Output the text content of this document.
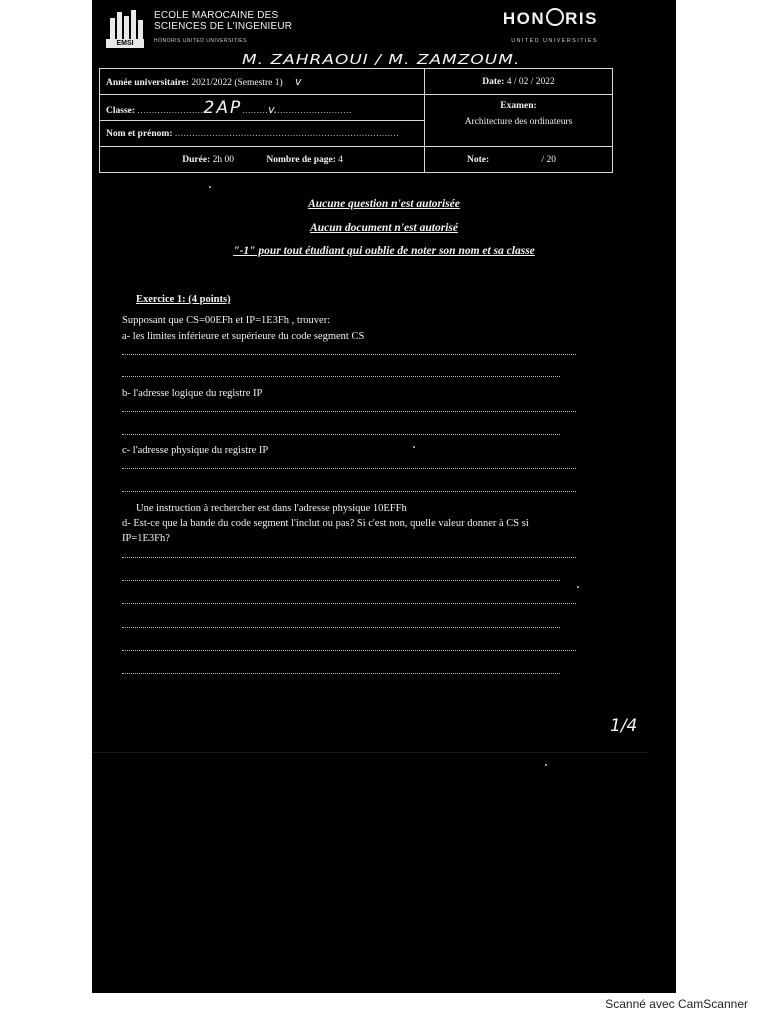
EMSI
ECOLE MAROCAINE DES
SCIENCES DE L'INGENIEUR
HONORIS UNITED UNIVERSITIES
HON RIS
UNITED UNIVERSITIES
M. ZAHRAOUI / M. ZAMZOUM.
Année universitaire: 2021/2022 (Semestre 1) v	Date: 4 / 02 / 2022
Classe: .......................2AP.........v...........................	Examen:
Architecture des ordinateurs

Nom et prénom: ..............................................................................	
Durée: 2h 00 Nombre de page: 4	Note: / 20
Aucune question n'est autorisée
Aucun document n'est autorisé
"-1" pour tout étudiant qui oublie de noter son nom et sa classe
Exercice 1: (4 points)
Supposant que CS=00EFh et IP=1E3Fh , trouver:
a- les limites inférieure et supérieure du code segment CS
b- l'adresse logique du registre IP
c- l'adresse physique du registre IP
Une instruction à rechercher est dans l'adresse physique 10EFFh
d- Est-ce que la bande du code segment l'inclut ou pas? Si c'est non, quelle valeur donner à CS si
IP=1E3Fh?
1/4
Scanné avec CamScanner
